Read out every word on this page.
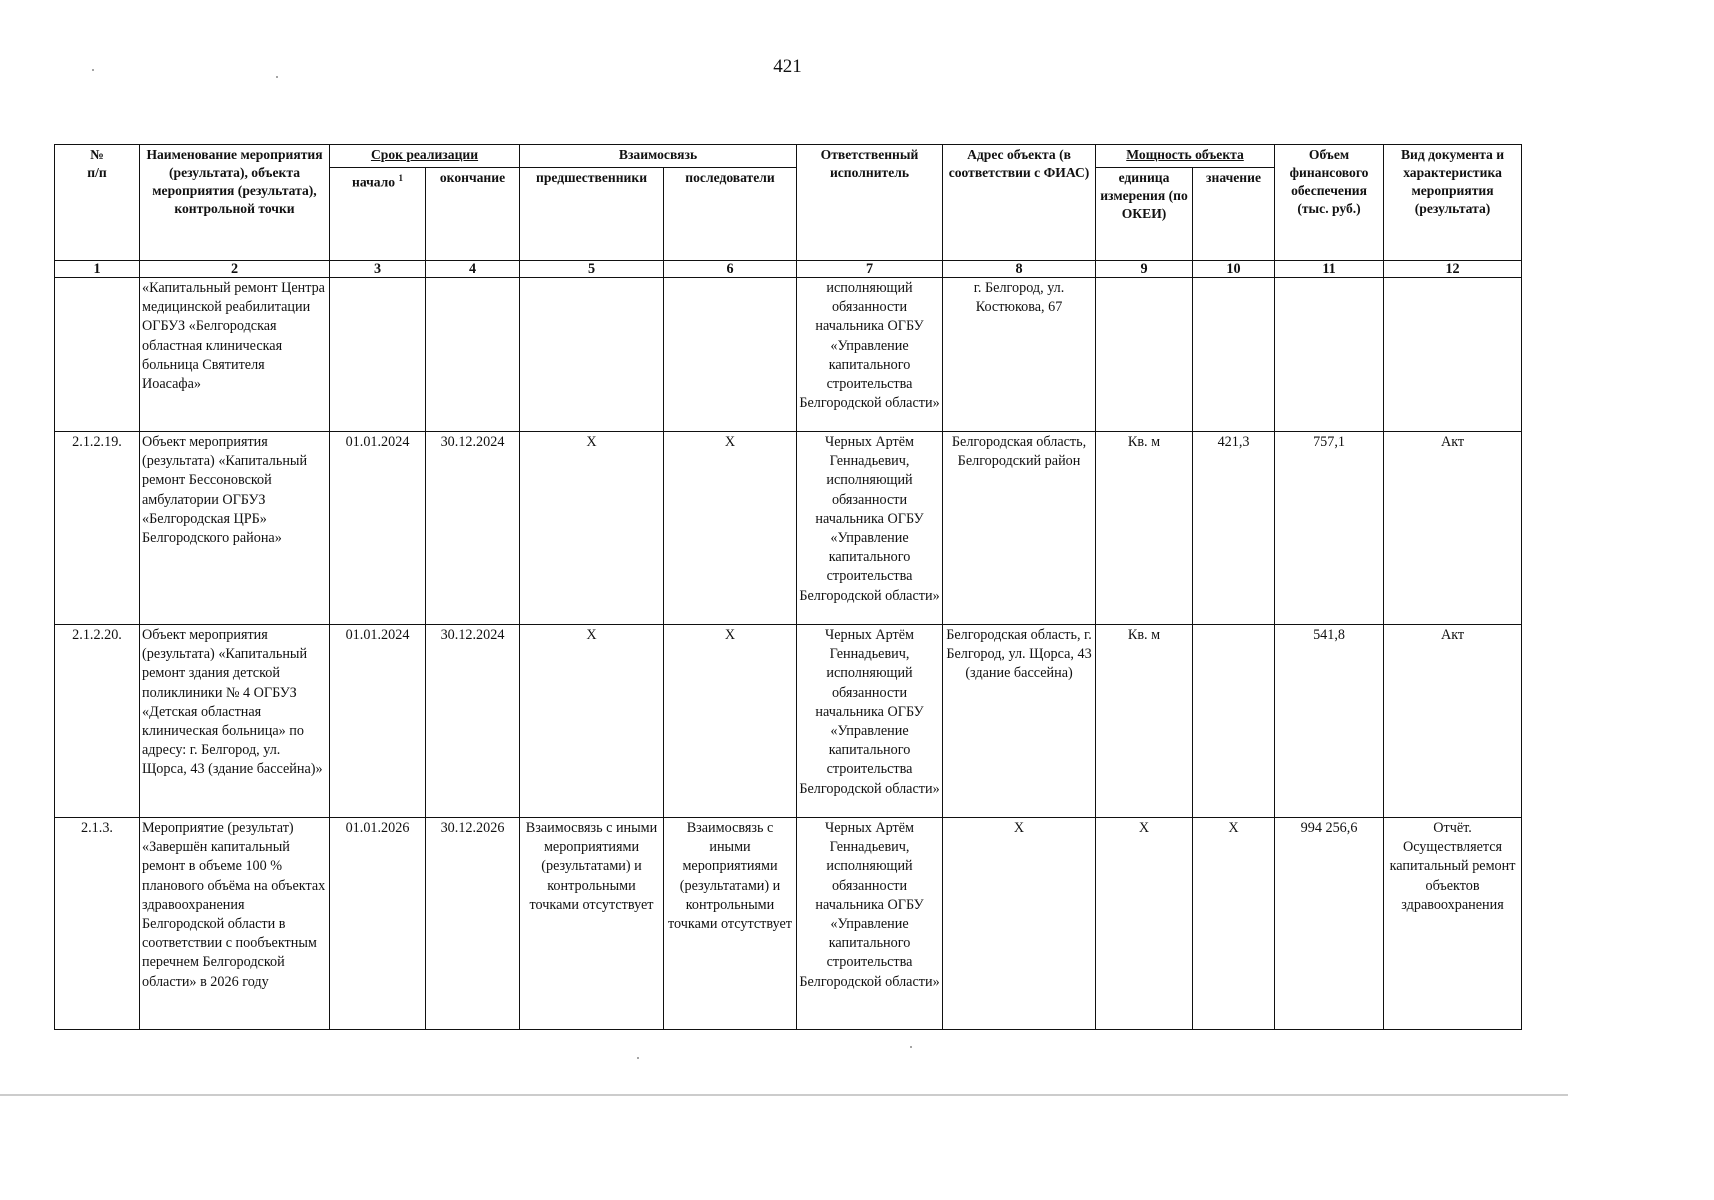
421
№
п/п	Наименование мероприятия (результата), объекта мероприятия (результата), контрольной точки	Срок реализации		Взаимосвязь		Ответственный исполнитель	Адрес объекта (в соответствии с ФИАС)	Мощность объекта		Объем финансового обеспечения (тыс. руб.)	Вид документа и характеристика мероприятия (результата)
		начало $^1$	окончание	предшественники	последователи			единица измерения (по ОКЕИ)	значение		
1	2	3	4	5	6	7	8	9	10	11	12
	«Капитальный ремонт Центра медицинской реабилитации ОГБУЗ «Белгородская областная клиническая больница Святителя Иоасафа»					исполняющий обязанности начальника ОГБУ «Управление капитального строительства Белгородской области»	г. Белгород, ул. Костюкова, 67				
2.1.2.19.	Объект мероприятия (результата) «Капитальный ремонт Бессоновской амбулатории ОГБУЗ «Белгородская ЦРБ» Белгородского района»	01.01.2024	30.12.2024	Х	Х	Черных Артём Геннадьевич, исполняющий обязанности начальника ОГБУ «Управление капитального строительства Белгородской области»	Белгородская область, Белгородский район	Кв. м	421,3	757,1	Акт
2.1.2.20.	Объект мероприятия (результата) «Капитальный ремонт здания детской поликлиники № 4 ОГБУЗ «Детская областная клиническая больница» по адресу: г. Белгород, ул. Щорса, 43 (здание бассейна)»	01.01.2024	30.12.2024	Х	Х	Черных Артём Геннадьевич, исполняющий обязанности начальника ОГБУ «Управление капитального строительства Белгородской области»	Белгородская область, г. Белгород, ул. Щорса, 43 (здание бассейна)	Кв. м		541,8	Акт
2.1.3.	Мероприятие (результат) «Завершён капитальный ремонт в объеме 100 % планового объёма на объектах здравоохранения Белгородской области в соответствии с пообъектным перечнем Белгородской области» в 2026 году	01.01.2026	30.12.2026	Взаимосвязь с иными мероприятиями (результатами) и контрольными точками отсутствует	Взаимосвязь с иными мероприятиями (результатами) и контрольными точками отсутствует	Черных Артём Геннадьевич, исполняющий обязанности начальника ОГБУ «Управление капитального строительства Белгородской области»	Х	Х	Х	994 256,6	Отчёт. Осуществляется капитальный ремонт объектов здравоохранения
